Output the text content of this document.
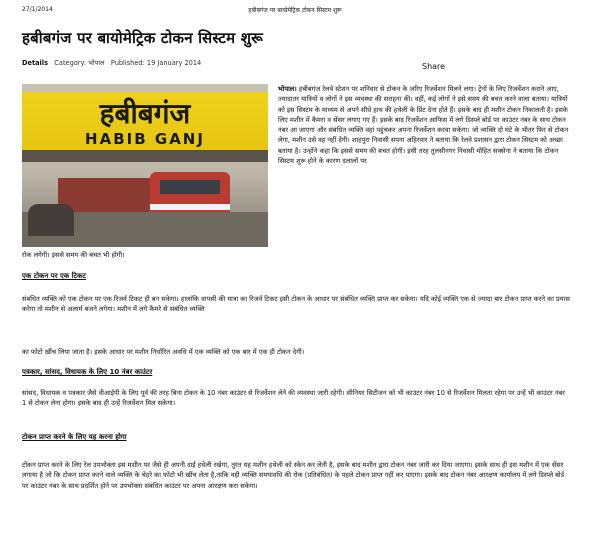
27/1/2014	हबीबगंज पर बायोमेट्रिक टोकन सिस्टम शुरू
हबीबगंज पर बायोमेट्रिक टोकन सिस्टम शुरू
Details Category: भोपाल Published: 19 January 2014	Share
हबीबगंज
HABIB GANJ

भोपाल। हबीबगंज रेलवे स्टेशन पर शनिवार से टोकन के जरिए रिजर्वेशन मिलने लगा। ट्रेनों के लिए रिजर्वेशन कराने आए, ज्यादातर यात्रियों व लोगों ने इस व्यवस्था की सराहना की। वहीं, कई लोगों ने इसे समय की बचत करने वाला बताया। यात्रियों को इस सिस्टम के माध्यम से अपने सीधे हाथ की हथेली के प्रिंट देना होते हैं। इसके बाद ही मशीन टोकन निकालती है। इसके लिए मशीन में कैमरा व सेंसर लगाए गए हैं। इसके बाद रिजर्वेशन आफिस में लगे डिस्प्ले बोर्ड पर काउंटर नंबर के साथ टोकन नंबर आ जाएगा और संबंधित व्यक्ति वहां पहुंचकर अपना रिजर्वेशन करवा सकेगा। जो व्यक्ति दो घंटे के भीतर फिर से टोकन लेगा, मशीन उसे वह नहीं देगी। शाहपुरा निवासी सपना अहिरवार ने बताया कि रेलवे प्रशासन द्वारा टोकन सिस्टम को अच्छा बताया है। उन्होंने कहा कि इससे समय की बचत होगी। इसी तरह तुलसीनगर निवासी मोहित सक्सेना ने बताया कि टोकन सिस्टम शुरू होने के कारण दलालों पर

रोक लगेगी। इससे समय की बचत भी होगी।

एक टोकन पर एक टिकट

संबंधित व्यक्ति को एक टोकन पर एक रिजर्व टिकट ही बन सकेगा। हालांकि वापसी की यात्रा का रिजर्व टिकट इसी टोकन के आधार पर संबंधित व्यक्ति प्राप्त कर सकेगा। यदि कोई व्यक्ति एक से ज्यादा बार टोकन प्राप्त करने का प्रयास करेगा तो मशीन से अलार्म बजने लगेगा। मशीन में लगे कैमरे से संबंधित व्यक्ति

का फोटो खींच लिया जाता है। इसके आधार पर मशीन निर्धारित अवधि में एक व्यक्ति को एक बार में एक ही टोकन देगी।

पत्रकार, सांसद, विधायक के लिए 10 नंबर काउंटर

सांसद, विधायक व पत्रकार जैसे वीआईपी के लिए पूर्व की तरह बिना टोकन के 10 नंबर काउंटर से रिजर्वेशन लेने की व्यवस्था जारी रहेगी। सीनियर सिटीजन को भी काउंटर नंबर 10 से रिजर्वेशन मिलता रहेगा पर उन्हें भी काउंटर नंबर 1 से टोकन लेना होगा। इसके बाद ही उन्हें रिजर्वेशन मिल सकेगा।

टोकन प्राप्त करने के लिए यह करना होगा

टोकन प्राप्त करने के लिए रेल उपभोक्ता इस मशीन पर जैसे ही अपनी दाईं हथेली रखेगा, तुरंत यह मशीन हथेली को स्केन कर लेती है, इसके बाद मशीन द्वारा टोकन नंबर जारी कर दिया जाएगा। इसके साथ ही इस मशीन में एक सेंसर लगाया है जो कि टोकन प्राप्त करने वाले व्यक्ति के चेहरे का फोटो भी खींच लेता है,ताकि वही व्यक्ति समयावधि की रोक (प्रतिबंधित) के पहले टोकन प्राप्त नहीं कर पाएगा। इसके बाद टोकन नंबर आरक्षण कार्यालय में लगे डिस्प्ले बोर्ड पर काउंटर नंबर के साथ प्रदर्शित होने पर उपभोक्ता संबंधित काउंटर पर अपना आरक्षण करा सकेगा।
